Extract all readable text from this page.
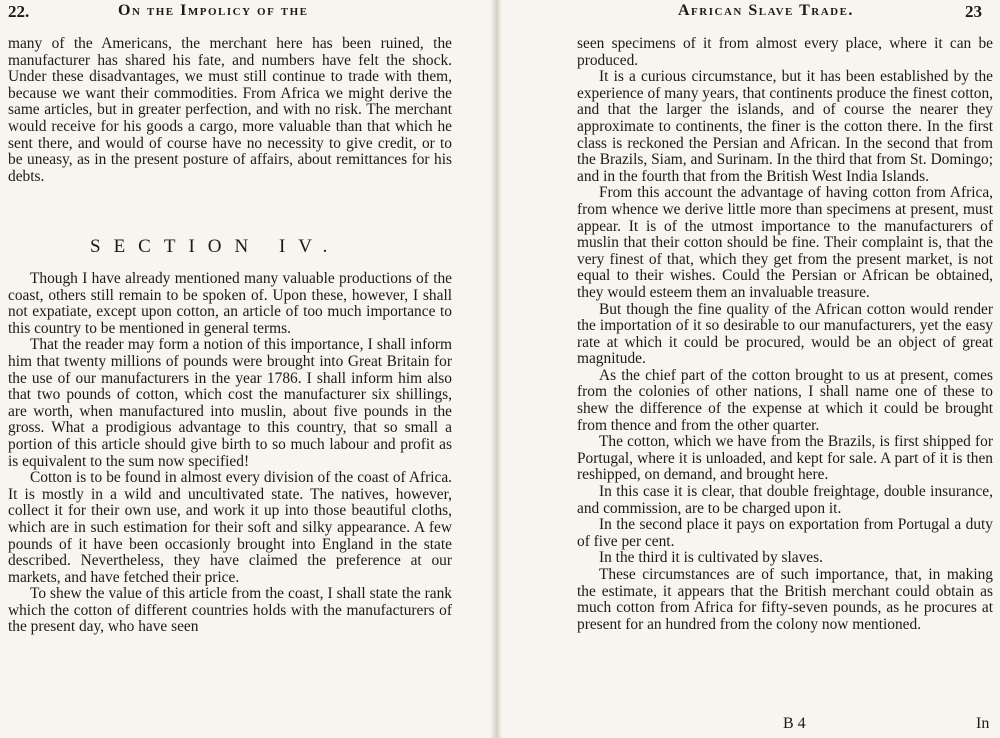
22.	On the Impolicy of the

many of the Americans, the merchant here has been ruined, the manufacturer has shared his fate, and numbers have felt the shock. Under these disadvantages, we must still continue to trade with them, because we want their commodities. From Africa we might derive the same articles, but in greater perfection, and with no risk. The merchant would receive for his goods a cargo, more valuable than that which he sent there, and would of course have no necessity to give credit, or to be uneasy, as in the present posture of affairs, about remittances for his debts.

SECTION IV.

Though I have already mentioned many valuable productions of the coast, others still remain to be spoken of. Upon these, however, I shall not expatiate, except upon cotton, an article of too much importance to this country to be mentioned in general terms.

That the reader may form a notion of this importance, I shall inform him that twenty millions of pounds were brought into Great Britain for the use of our manufacturers in the year 1786. I shall inform him also that two pounds of cotton, which cost the manufacturer six shillings, are worth, when manufactured into muslin, about five pounds in the gross. What a prodigious advantage to this country, that so small a portion of this article should give birth to so much labour and profit as is equivalent to the sum now specified!

Cotton is to be found in almost every division of the coast of Africa. It is mostly in a wild and uncultivated state. The natives, however, collect it for their own use, and work it up into those beautiful cloths, which are in such estimation for their soft and silky appearance. A few pounds of it have been occasionly brought into England in the state described. Nevertheless, they have claimed the preference at our markets, and have fetched their price.

To shew the value of this article from the coast, I shall state the rank which the cotton of different countries holds with the manufacturers of the present day, who have seen

African Slave Trade.	23

seen specimens of it from almost every place, where it can be produced.

It is a curious circumstance, but it has been established by the experience of many years, that continents produce the finest cotton, and that the larger the islands, and of course the nearer they approximate to continents, the finer is the cotton there. In the first class is reckoned the Persian and African. In the second that from the Brazils, Siam, and Surinam. In the third that from St. Domingo; and in the fourth that from the British West India Islands.

From this account the advantage of having cotton from Africa, from whence we derive little more than specimens at present, must appear. It is of the utmost importance to the manufacturers of muslin that their cotton should be fine. Their complaint is, that the very finest of that, which they get from the present market, is not equal to their wishes. Could the Persian or African be obtained, they would esteem them an invaluable treasure.

But though the fine quality of the African cotton would render the importation of it so desirable to our manufacturers, yet the easy rate at which it could be procured, would be an object of great magnitude.

As the chief part of the cotton brought to us at present, comes from the colonies of other nations, I shall name one of these to shew the difference of the expense at which it could be brought from thence and from the other quarter.

The cotton, which we have from the Brazils, is first shipped for Portugal, where it is unloaded, and kept for sale. A part of it is then reshipped, on demand, and brought here.

In this case it is clear, that double freightage, double insurance, and commission, are to be charged upon it.

In the second place it pays on exportation from Portugal a duty of five per cent.

In the third it is cultivated by slaves.

These circumstances are of such importance, that, in making the estimate, it appears that the British merchant could obtain as much cotton from Africa for fifty-seven pounds, as he procures at present for an hundred from the colony now mentioned.

B 4	In
